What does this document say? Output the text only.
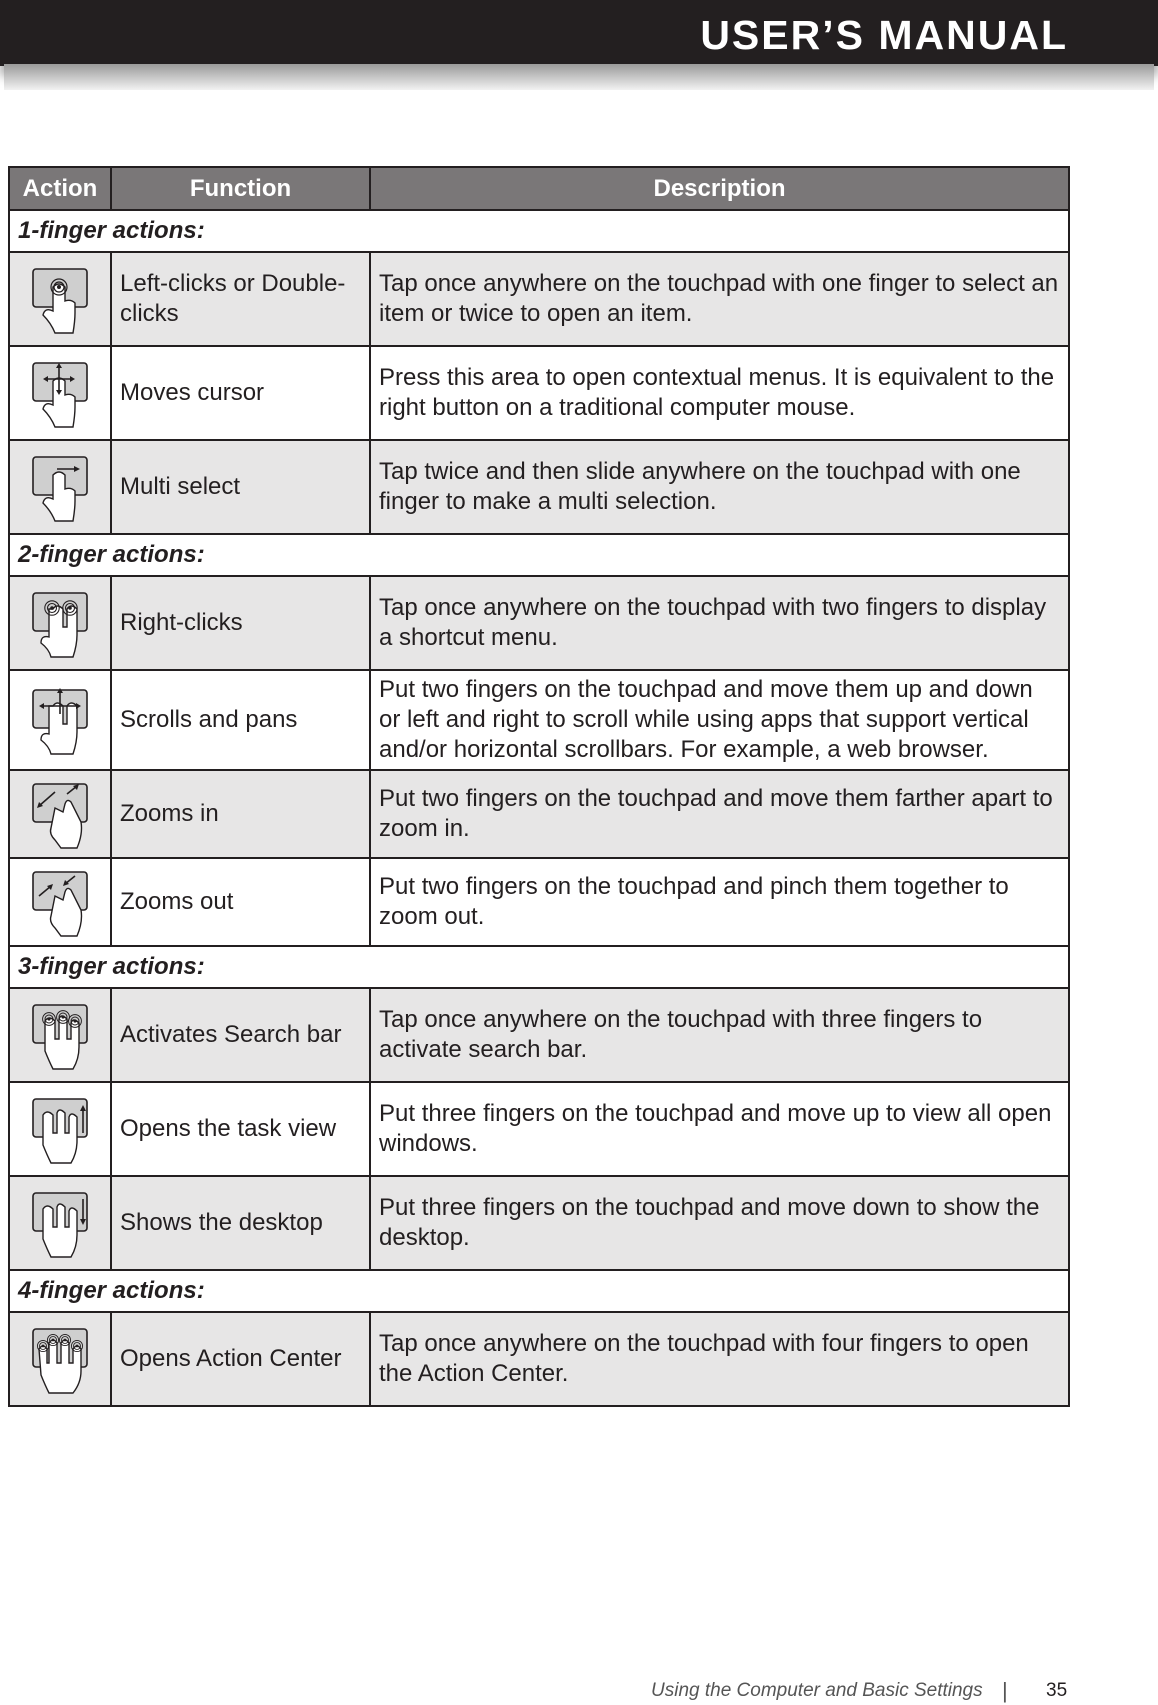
USER’S MANUAL
Action	Function	Description
1-finger actions:		

	Left-clicks or Double-clicks	Tap once anywhere on the touchpad with one finger to select an item or twice to open an item.

	Moves cursor	Press this area to open contextual menus. It is equivalent to the right button on a traditional computer mouse.

	Multi select	Tap twice and then slide anywhere on the touchpad with one finger to make a multi selection.
2-finger actions:		

	Right-clicks	Tap once anywhere on the touchpad with two fingers to display a shortcut menu.

	Scrolls and pans	Put two fingers on the touchpad and move them up and down or left and right to scroll while using apps that support vertical and/or horizontal scrollbars. For example, a web browser.

	Zooms in	Put two fingers on the touchpad and move them farther apart to zoom in.

	Zooms out	Put two fingers on the touchpad and pinch them together to zoom out.
3-finger actions:		

	Activates Search bar	Tap once anywhere on the touchpad with three fingers to activate search bar.

	Opens the task view	Put three fingers on the touchpad and move up to view all open windows.

	Shows the desktop	Put three fingers on the touchpad and move down to show the desktop.
4-finger actions:		

	Opens Action Center	Tap once anywhere on the touchpad with four fingers to open the Action Center.
Using the Computer and Basic Settings | 35
